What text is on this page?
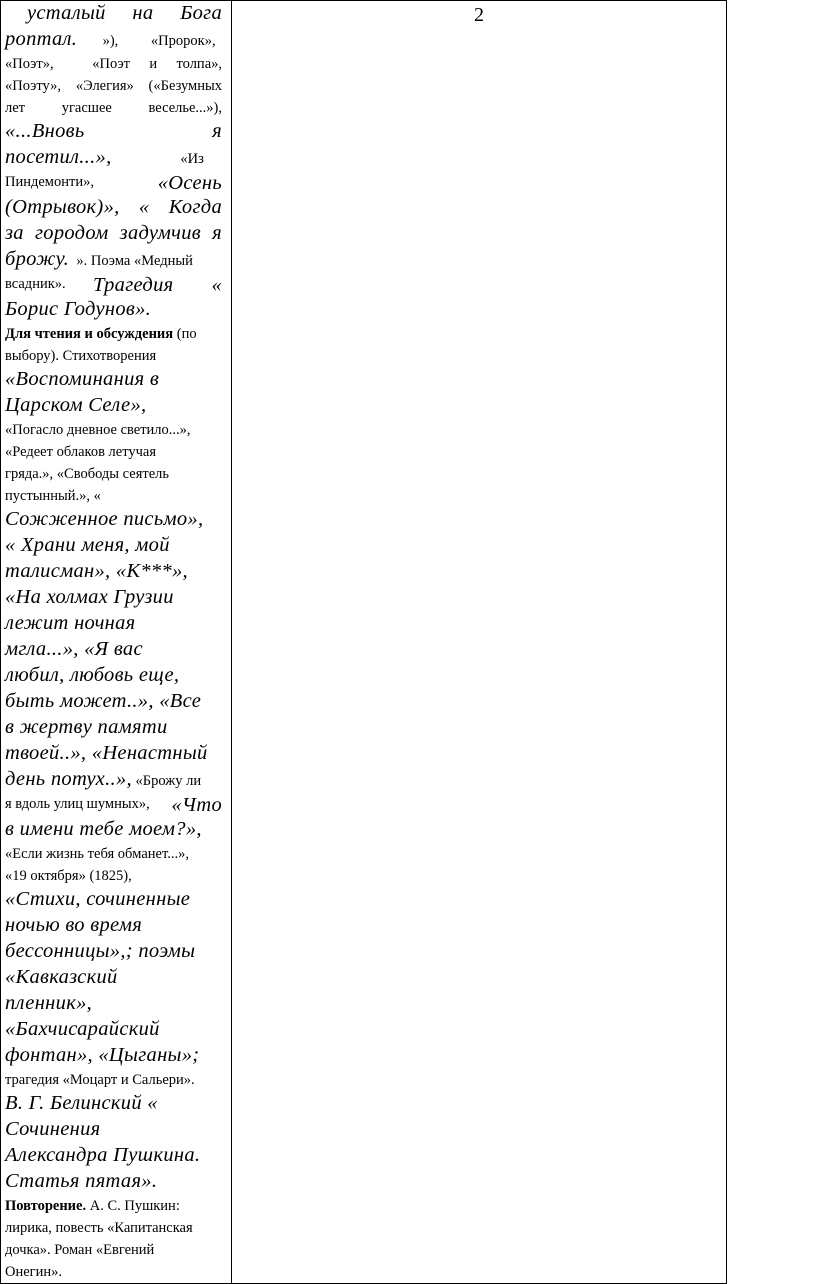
усталый на Бога
роптал.       »),         «Пророк»,
«Поэт»,          «Поэт     и     толпа»,
«Поэту», «Элегия» («Безумных
лет          угасшее          веселье...»),
«...Вновь я
посетил...»,                   «Из
Пиндемонти»,	«Осень
(Отрывок)», « Когда
за городом задумчив я
брожу.  ». Поэма «Медный
всадник». Трагедия       «
Борис Годунов».
Для чтения и обсуждения (по
выбору). Стихотворения
«Воспоминания в
Царском Селе»,
«Погасло дневное светило...»,
«Редеет облаков летучая
гряда.», «Свободы сеятель
пустынный.», «
Сожженное письмо»,
« Храни меня, мой
талисман», «К***»,
«На холмах Грузии
лежит ночная
мгла...», «Я вас
любил, любовь еще,
быть может..», «Все
в жертву памяти
твоей..», «Ненастный
день потух..», «Брожу ли
я вдоль улиц шумных», «Что
в имени тебе моем?»,
«Если жизнь тебя обманет...»,
«19 октября» (1825),
«Стихи, сочиненные
ночью во время
бессонницы»,; поэмы
«Кавказский
пленник»,
«Бахчисарайский
фонтан», «Цыганы»;
трагедия «Моцарт и Сальери».
В. Г. Белинский «
Сочинения
Александра Пушкина.
Статья пятая».
Повторение. А. С. Пушкин:
лирика, повесть «Капитанская
дочка». Роман «Евгений
Онегин».

2
